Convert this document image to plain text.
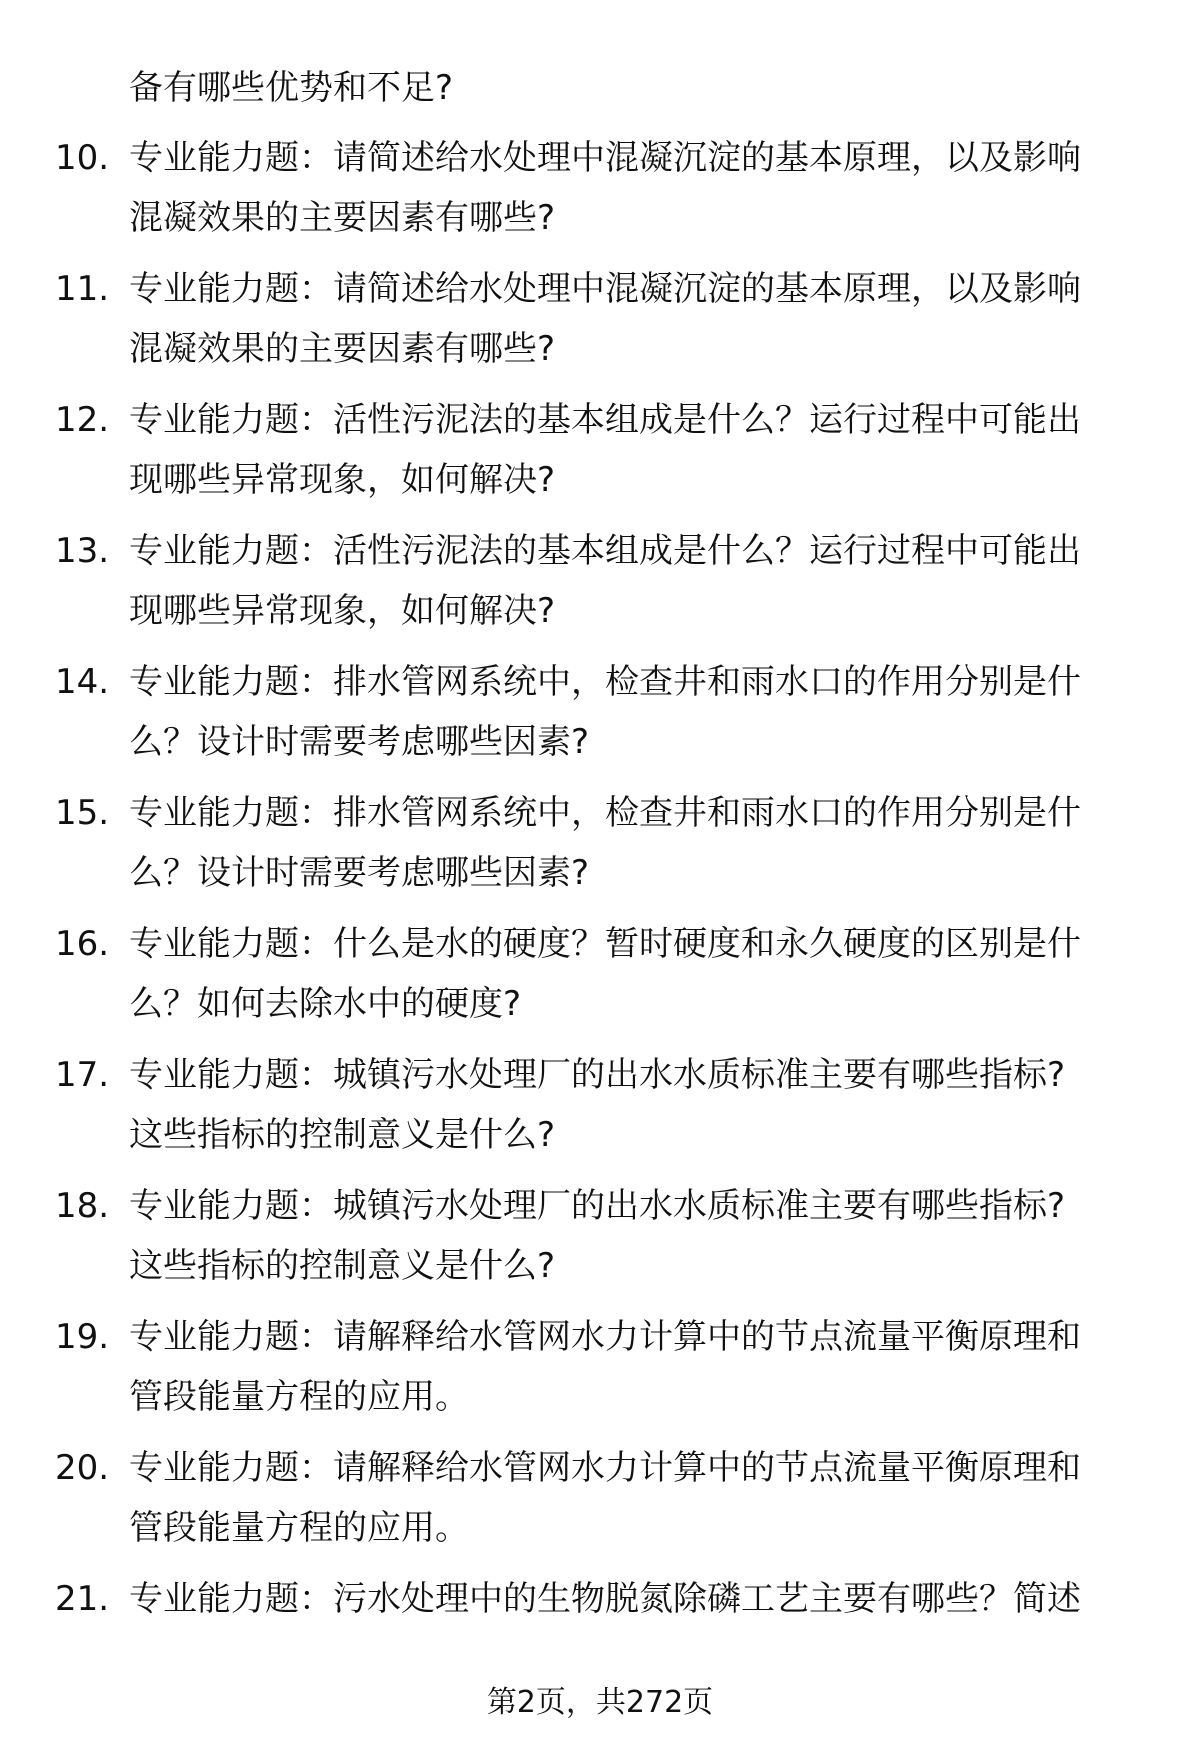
备有哪些优势和不足?
10. 专业能力题：请简述给水处理中混凝沉淀的基本原理，以及影响
混凝效果的主要因素有哪些?
11. 专业能力题：请简述给水处理中混凝沉淀的基本原理，以及影响
混凝效果的主要因素有哪些?
12. 专业能力题：活性污泥法的基本组成是什么？运行过程中可能出
现哪些异常现象，如何解决?
13. 专业能力题：活性污泥法的基本组成是什么？运行过程中可能出
现哪些异常现象，如何解决?
14. 专业能力题：排水管网系统中，检查井和雨水口的作用分别是什
么？设计时需要考虑哪些因素?
15. 专业能力题：排水管网系统中，检查井和雨水口的作用分别是什
么？设计时需要考虑哪些因素?
16. 专业能力题：什么是水的硬度？暂时硬度和永久硬度的区别是什
么？如何去除水中的硬度?
17. 专业能力题：城镇污水处理厂的出水水质标准主要有哪些指标?
这些指标的控制意义是什么?
18. 专业能力题：城镇污水处理厂的出水水质标准主要有哪些指标?
这些指标的控制意义是什么?
19. 专业能力题：请解释给水管网水力计算中的节点流量平衡原理和
管段能量方程的应用。
20. 专业能力题：请解释给水管网水力计算中的节点流量平衡原理和
管段能量方程的应用。
21. 专业能力题：污水处理中的生物脱氮除磷工艺主要有哪些？简述
第2页，共272页
